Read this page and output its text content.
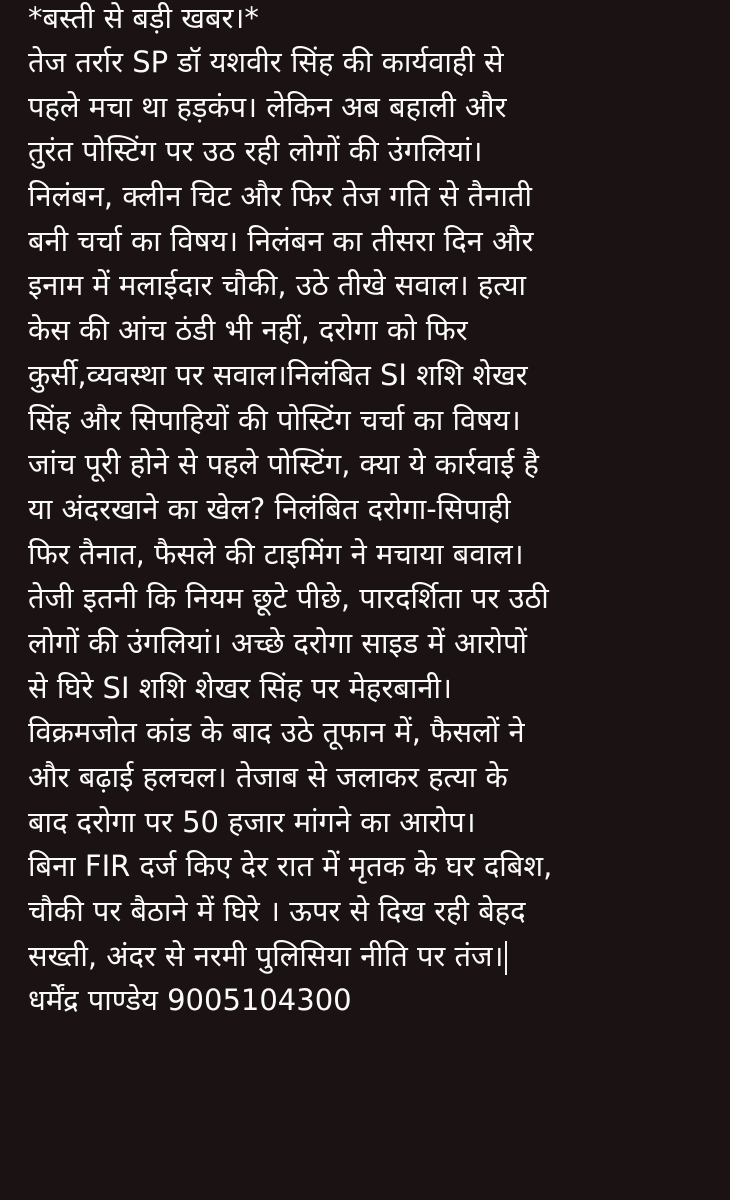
*बस्ती से बड़ी खबर।*
तेज तर्रार SP डॉ यशवीर सिंह की कार्यवाही से
पहले मचा था हड़कंप। लेकिन अब बहाली और
तुरंत पोस्टिंग पर उठ रही लोगों की उंगलियां।
निलंबन, क्लीन चिट और फिर तेज गति से तैनाती
बनी चर्चा का विषय। निलंबन का तीसरा दिन और
इनाम में मलाईदार चौकी, उठे तीखे सवाल। हत्या
केस की आंच ठंडी भी नहीं, दरोगा को फिर
कुर्सी,व्यवस्था पर सवाल।निलंबित SI शशि शेखर
सिंह और सिपाहियों की पोस्टिंग चर्चा का विषय।
जांच पूरी होने से पहले पोस्टिंग, क्या ये कार्रवाई है
या अंदरखाने का खेल? निलंबित दरोगा-सिपाही
फिर तैनात, फैसले की टाइमिंग ने मचाया बवाल।
तेजी इतनी कि नियम छूटे पीछे, पारदर्शिता पर उठी
लोगों की उंगलियां। अच्छे दरोगा साइड में आरोपों
से घिरे SI शशि शेखर सिंह पर मेहरबानी।
विक्रमजोत कांड के बाद उठे तूफान में, फैसलों ने
और बढ़ाई हलचल। तेजाब से जलाकर हत्या के
बाद दरोगा पर 50 हजार मांगने का आरोप।
बिना FIR दर्ज किए देर रात में मृतक के घर दबिश,
चौकी पर बैठाने में घिरे । ऊपर से दिख रही बेहद
सख्ती, अंदर से नरमी पुलिसिया नीति पर तंज।
धर्मेंद्र पाण्डेय 9005104300
